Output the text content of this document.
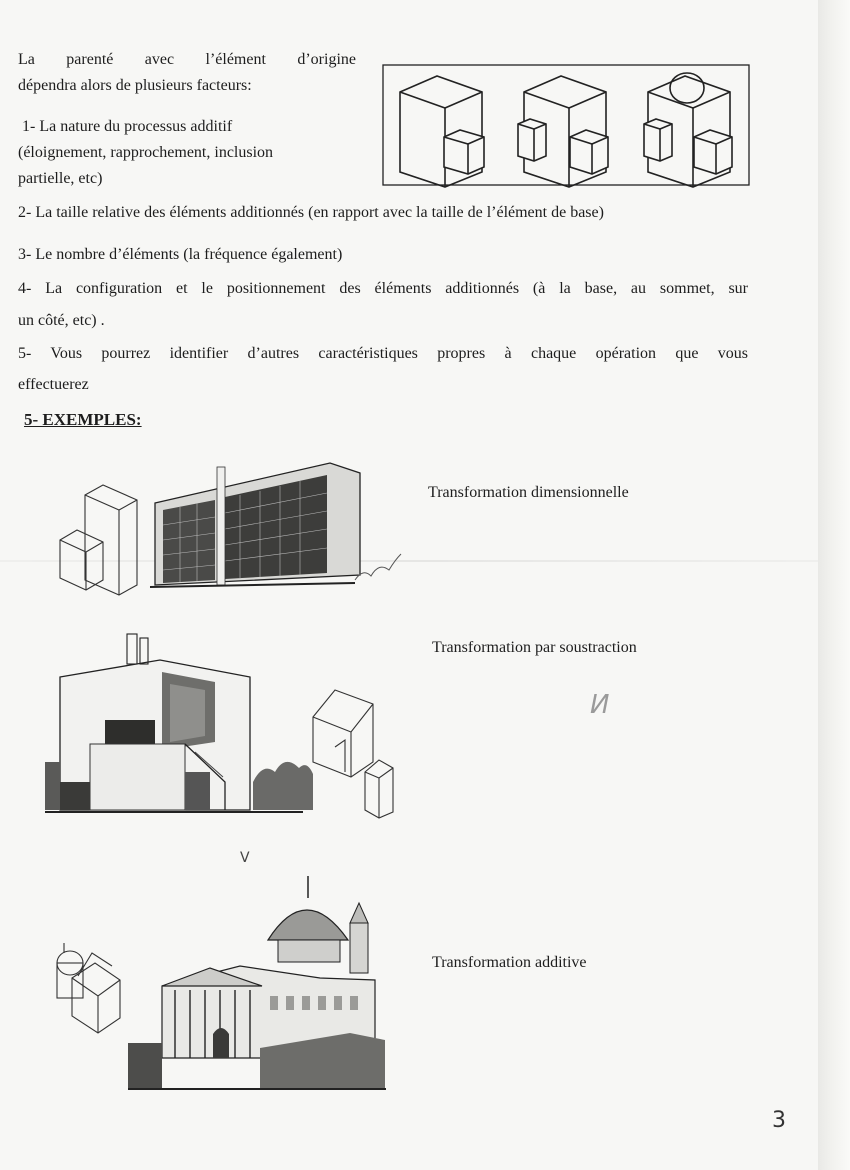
La parenté avec l’élément d’origine
dépendra alors de plusieurs facteurs:
1- La nature du processus additif
(éloignement, rapprochement, inclusion
partielle, etc)
2- La taille relative des éléments additionnés (en rapport avec la taille de l’élément de base)
3- Le nombre d’éléments (la fréquence également)
4- La configuration et le positionnement des éléments additionnés (à la base, au sommet, sur
un côté, etc) .
5- Vous pourrez identifier d’autres caractéristiques propres à chaque opération que vous
effectuerez
5- EXEMPLES:
Transformation dimensionnelle
Transformation par soustraction
И
ᐯ
Transformation additive
3
